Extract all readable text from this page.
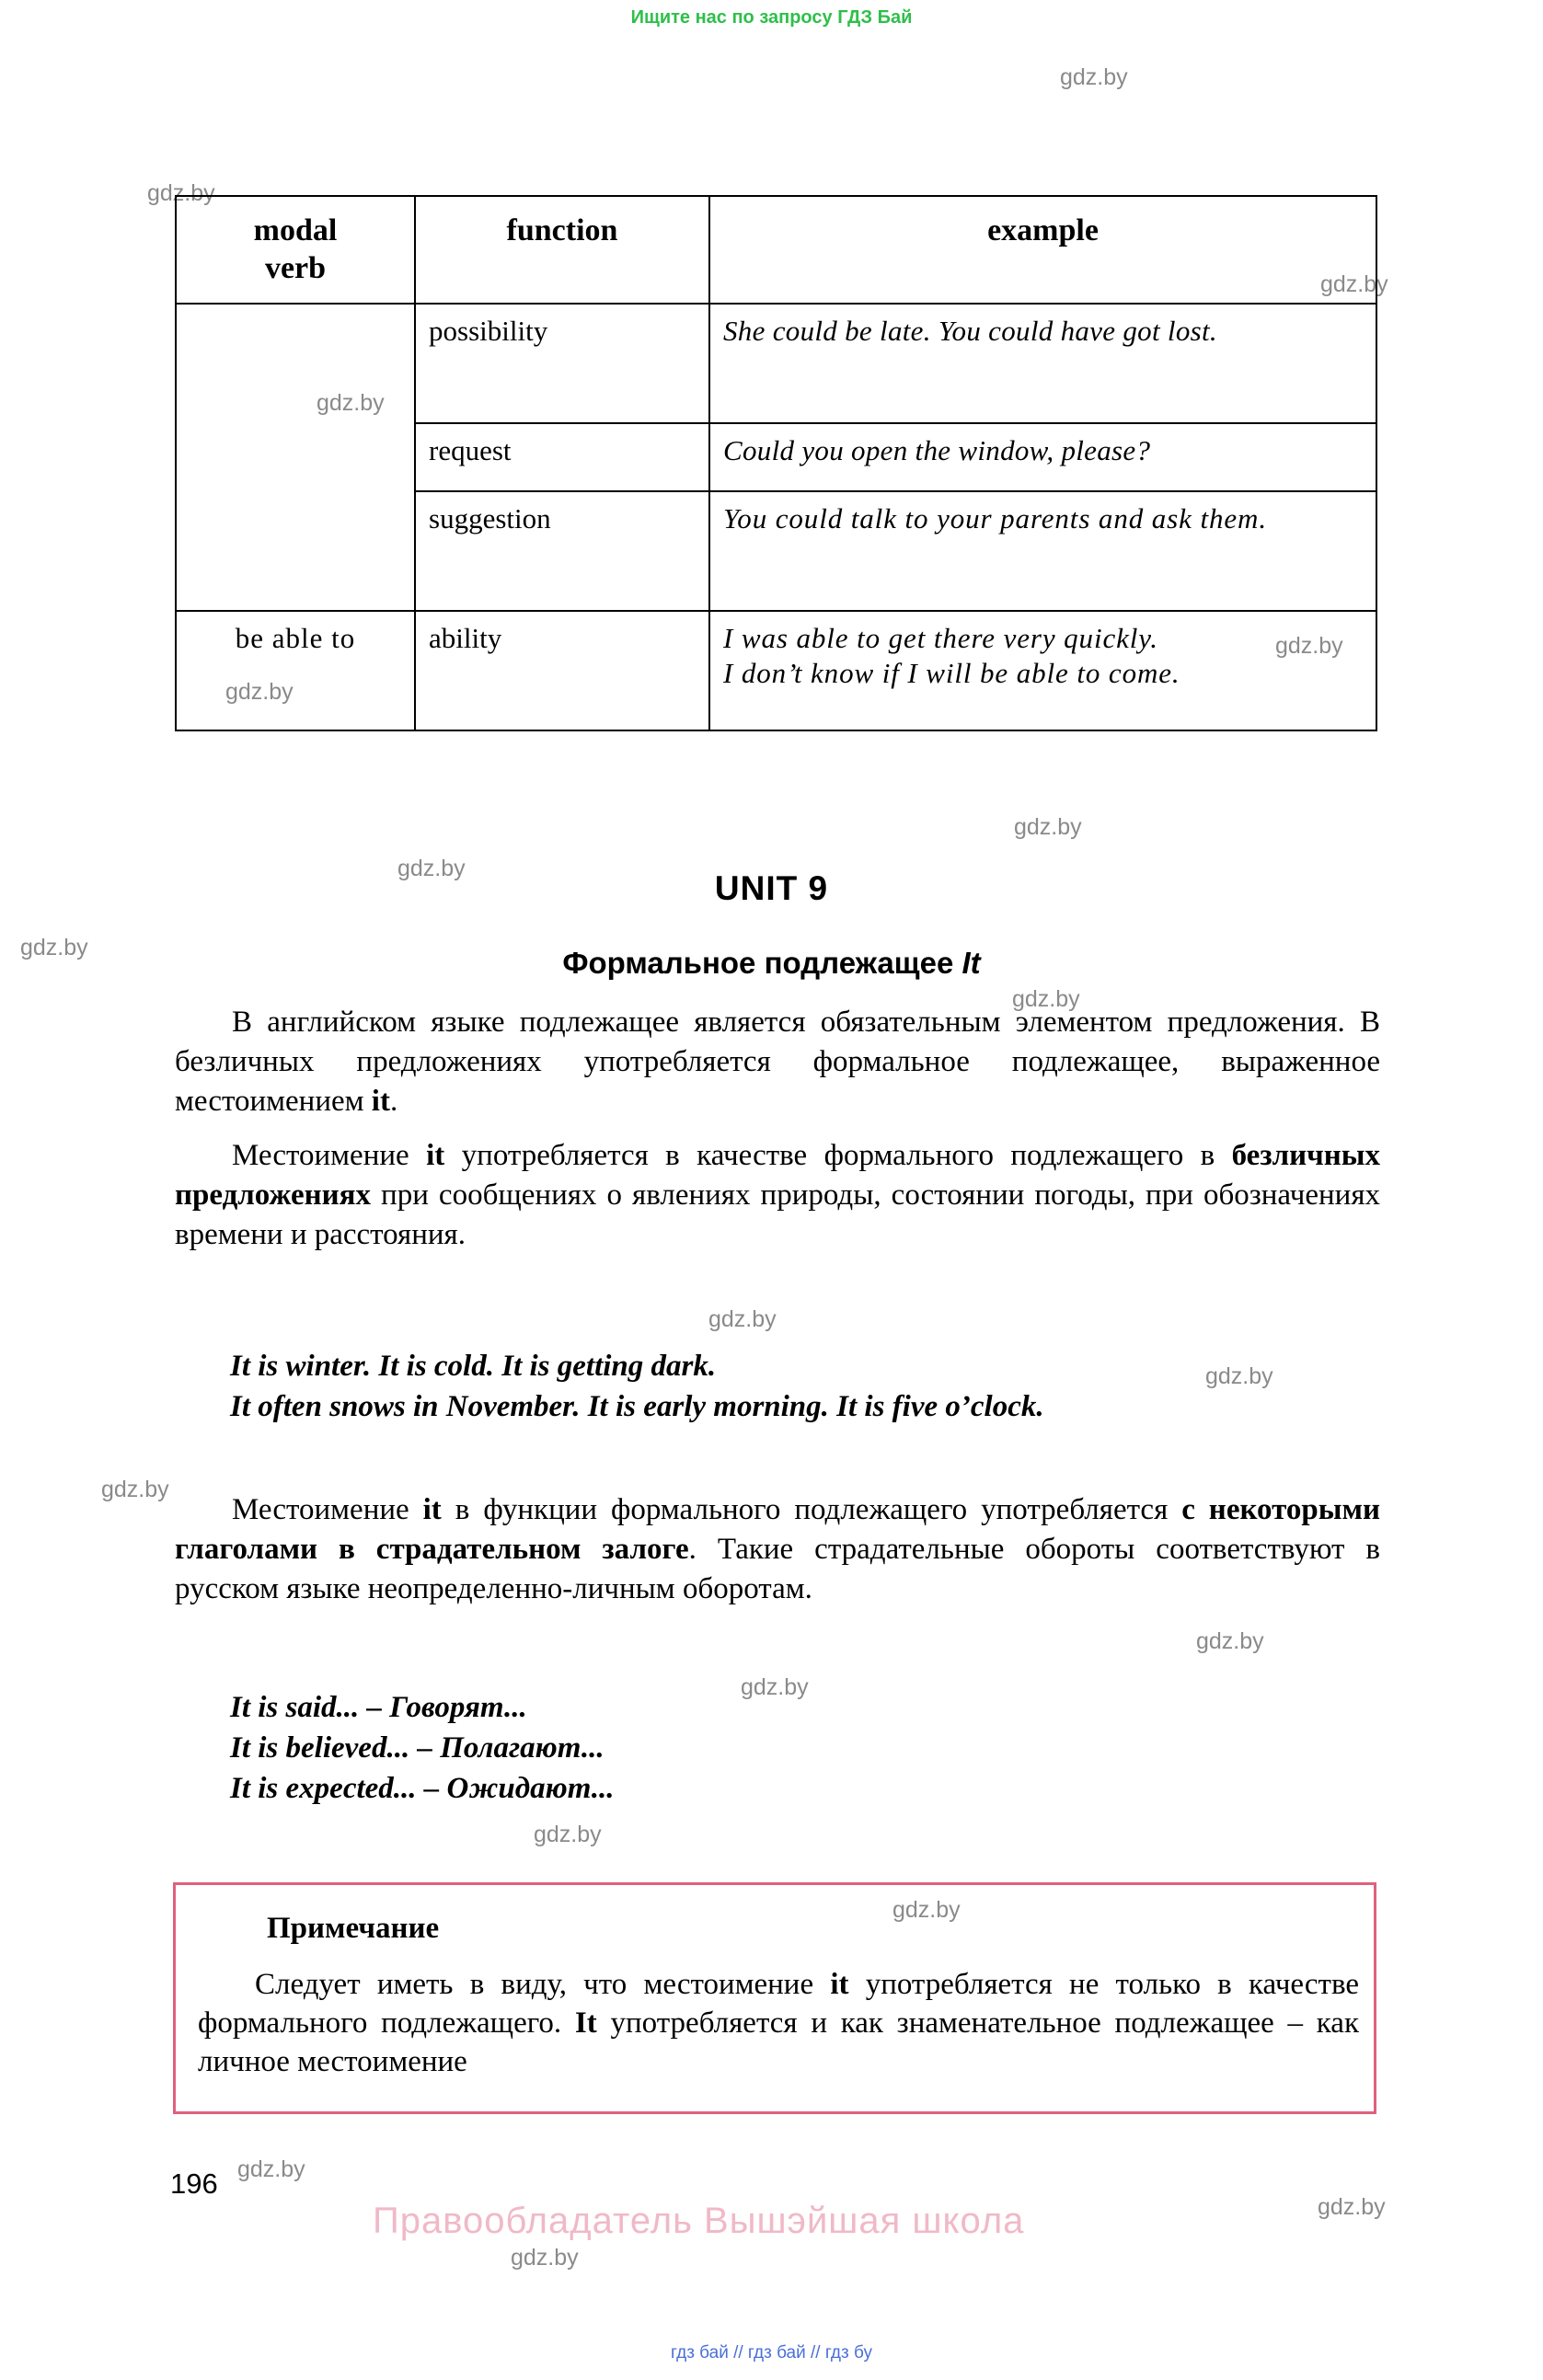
Ищите нас по запросу ГДЗ Бай
gdz.by
gdz.by
gdz.by
gdz.by
gdz.by
gdz.by
gdz.by
gdz.by
gdz.by
gdz.by
gdz.by
gdz.by
gdz.by
gdz.by
gdz.by
gdz.by
gdz.by
gdz.by
gdz.by
gdz.by
modal
verb	function	example
	possibility	She could be late. You could have got lost.
	request	Could you open the window, please?
	suggestion	You could talk to your parents and ask them.
be able to	ability	I was able to get there very quickly.
I don’t know if I will be able to come.
UNIT 9
Формальное подлежащее It
В английском языке подлежащее является обязательным элементом предложения. В безличных предложениях употребляется формальное подлежащее, выраженное местоимением it.
Местоимение it употребляется в качестве формального подлежащего в безличных предложениях при сообщениях о явлениях природы, состоянии погоды, при обозначениях времени и расстояния.
It is winter. It is cold. It is getting dark.
It often snows in November. It is early morning. It is five o’clock.
Местоимение it в функции формального подлежащего употребляется с некоторыми глаголами в страдательном залоге. Такие страдательные обороты соответствуют в русском языке неопределенно-личным оборотам.
It is said... – Говорят...
It is believed... – Полагают...
It is expected... – Ожидают...
Примечание
Следует иметь в виду, что местоимение it употребляется не только в качестве формального подлежащего. It употребляется и как знаменательное подлежащее – как личное местоимение
196
Правообладатель Вышэйшая школа
гдз бай // гдз бай // гдз бу
